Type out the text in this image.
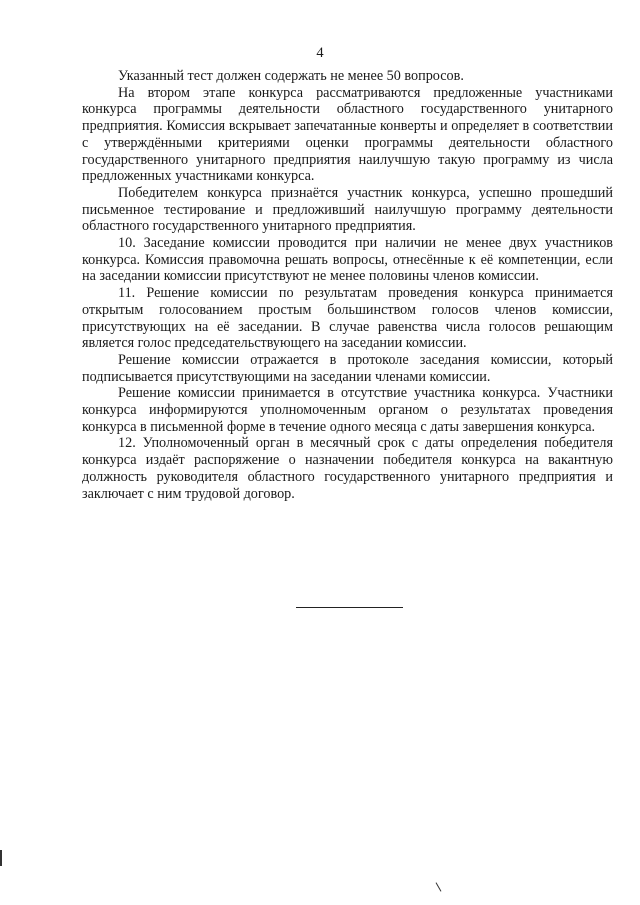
4

Указанный тест должен содержать не менее 50 вопросов.

На втором этапе конкурса рассматриваются предложенные участниками конкурса программы деятельности областного государственного унитарного предприятия. Комиссия вскрывает запечатанные конверты и определяет в соответствии с утверждёнными критериями оценки программы деятельности областного государственного унитарного предприятия наилучшую такую программу из числа предложенных участниками конкурса.

Победителем конкурса признаётся участник конкурса, успешно прошедший письменное тестирование и предложивший наилучшую программу деятельности областного государственного унитарного предприятия.

10. Заседание комиссии проводится при наличии не менее двух участников конкурса. Комиссия правомочна решать вопросы, отнесённые к её компетенции, если на заседании комиссии присутствуют не менее половины членов комиссии.

11. Решение комиссии по результатам проведения конкурса принимается открытым голосованием простым большинством голосов членов комиссии, присутствующих на её заседании. В случае равенства числа голосов решающим является голос председательствующего на заседании комиссии.

Решение комиссии отражается в протоколе заседания комиссии, который подписывается присутствующими на заседании членами комиссии.

Решение комиссии принимается в отсутствие участника конкурса. Участники конкурса информируются уполномоченным органом о результатах проведения конкурса в письменной форме в течение одного месяца с даты завершения конкурса.

12. Уполномоченный орган в месячный срок с даты определения победителя конкурса издаёт распоряжение о назначении победителя конкурса на вакантную должность руководителя областного государственного унитарного предприятия и заключает с ним трудовой договор.
